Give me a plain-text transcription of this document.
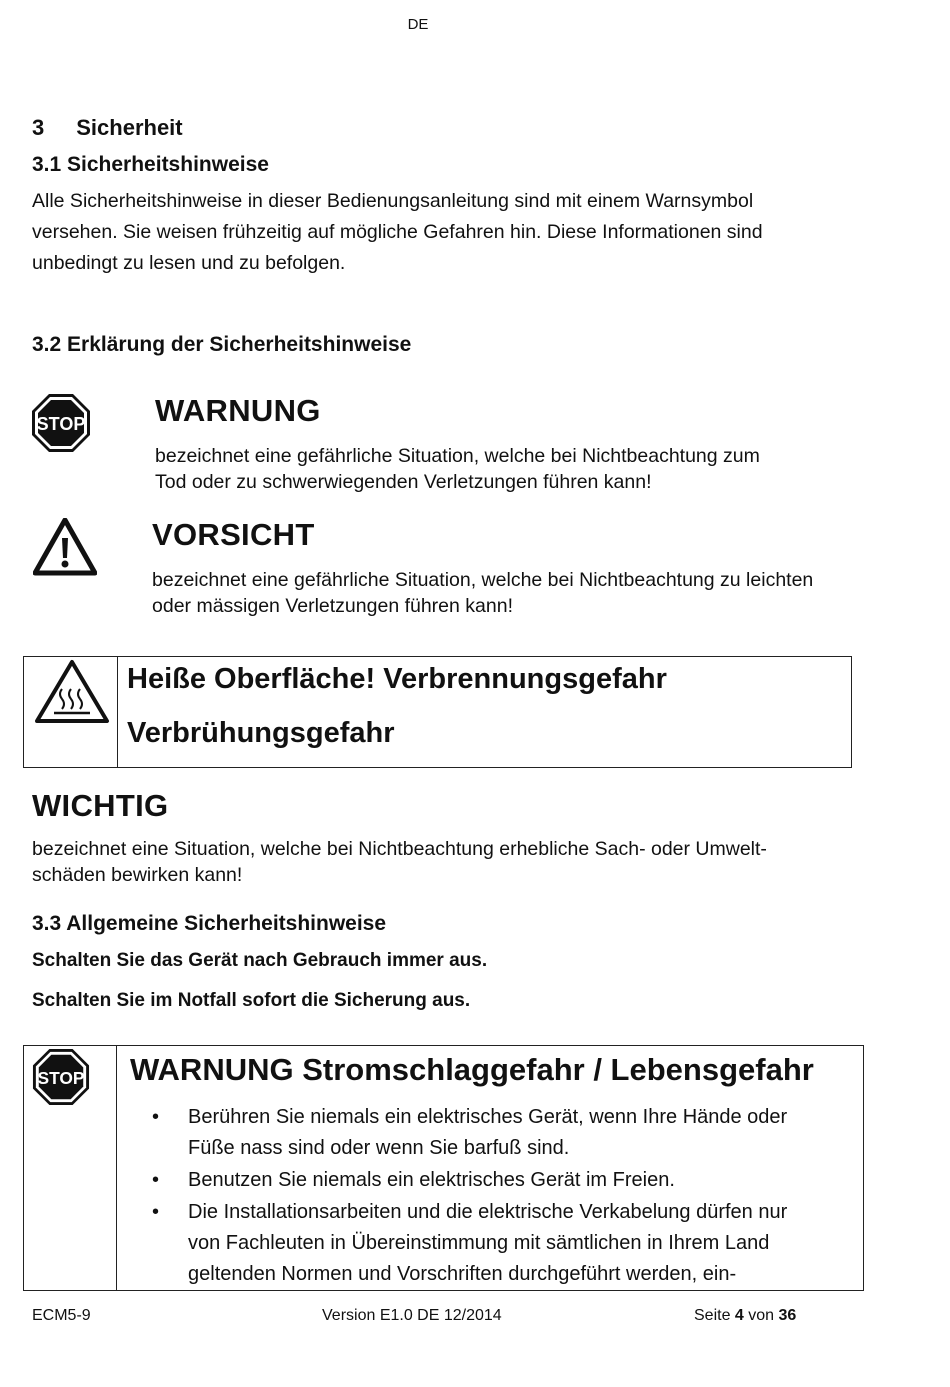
DE
3 Sicherheit
3.1 Sicherheitshinweise
Alle Sicherheitshinweise in dieser Bedienungsanleitung sind mit einem Warnsymbol
versehen. Sie weisen frühzeitig auf mögliche Gefahren hin. Diese Informationen sind
unbedingt zu lesen und zu befolgen.
3.2 Erklärung der Sicherheitshinweise
STOP WARNUNG
bezeichnet eine gefährliche Situation, welche bei Nichtbeachtung zum
Tod oder zu schwerwiegenden Verletzungen führen kann!
VORSICHT
bezeichnet eine gefährliche Situation, welche bei Nichtbeachtung zu leichten
oder mässigen Verletzungen führen kann!
Heiße Oberfläche! Verbrennungsgefahr
Verbrühungsgefahr
WICHTIG
bezeichnet eine Situation, welche bei Nichtbeachtung erhebliche Sach- oder Umwelt-
schäden bewirken kann!
3.3 Allgemeine Sicherheitshinweise
Schalten Sie das Gerät nach Gebrauch immer aus.
Schalten Sie im Notfall sofort die Sicherung aus.
STOP WARNUNG Stromschlaggefahr / Lebensgefahr
• Berühren Sie niemals ein elektrisches Gerät, wenn Ihre Hände oder
Füße nass sind oder wenn Sie barfuß sind.
• Benutzen Sie niemals ein elektrisches Gerät im Freien.
• Die Installationsarbeiten und die elektrische Verkabelung dürfen nur
von Fachleuten in Übereinstimmung mit sämtlichen in Ihrem Land
geltenden Normen und Vorschriften durchgeführt werden, ein-
ECM5-9	Version E1.0 DE 12/2014	Seite 4 von 36
